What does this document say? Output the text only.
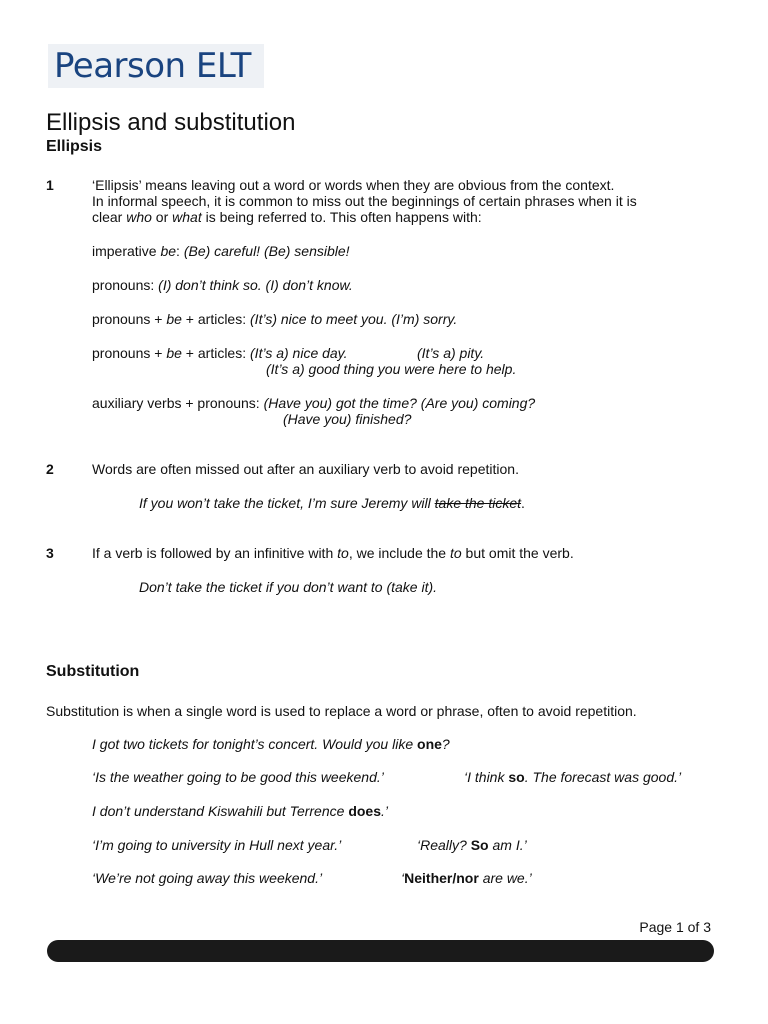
Pearson ELT
Ellipsis and substitution
Ellipsis
1	‘Ellipsis’ means leaving out a word or words when they are obvious from the context.
In informal speech, it is common to miss out the beginnings of certain phrases when it is
clear who or what is being referred to. This often happens with:
imperative be: (Be) careful! (Be) sensible!
pronouns: (I) don’t think so. (I) don’t know.
pronouns + be + articles: (It’s) nice to meet you. (I’m) sorry.
pronouns + be + articles: (It’s a) nice day.	(It’s a) pity.
(It’s a) good thing you were here to help.
auxiliary verbs + pronouns: (Have you) got the time? (Are you) coming?
(Have you) finished?
2	Words are often missed out after an auxiliary verb to avoid repetition.
If you won’t take the ticket, I’m sure Jeremy will take the ticket.
3	If a verb is followed by an infinitive with to, we include the to but omit the verb.
Don’t take the ticket if you don’t want to (take it).
Substitution
Substitution is when a single word is used to replace a word or phrase, often to avoid repetition.
I got two tickets for tonight’s concert. Would you like one?
‘Is the weather going to be good this weekend.’	‘I think so. The forecast was good.’
I don’t understand Kiswahili but Terrence does.’
‘I’m going to university in Hull next year.’	‘Really? So am I.’
‘We’re not going away this weekend.’	‘Neither/nor are we.’
Page 1 of 3
